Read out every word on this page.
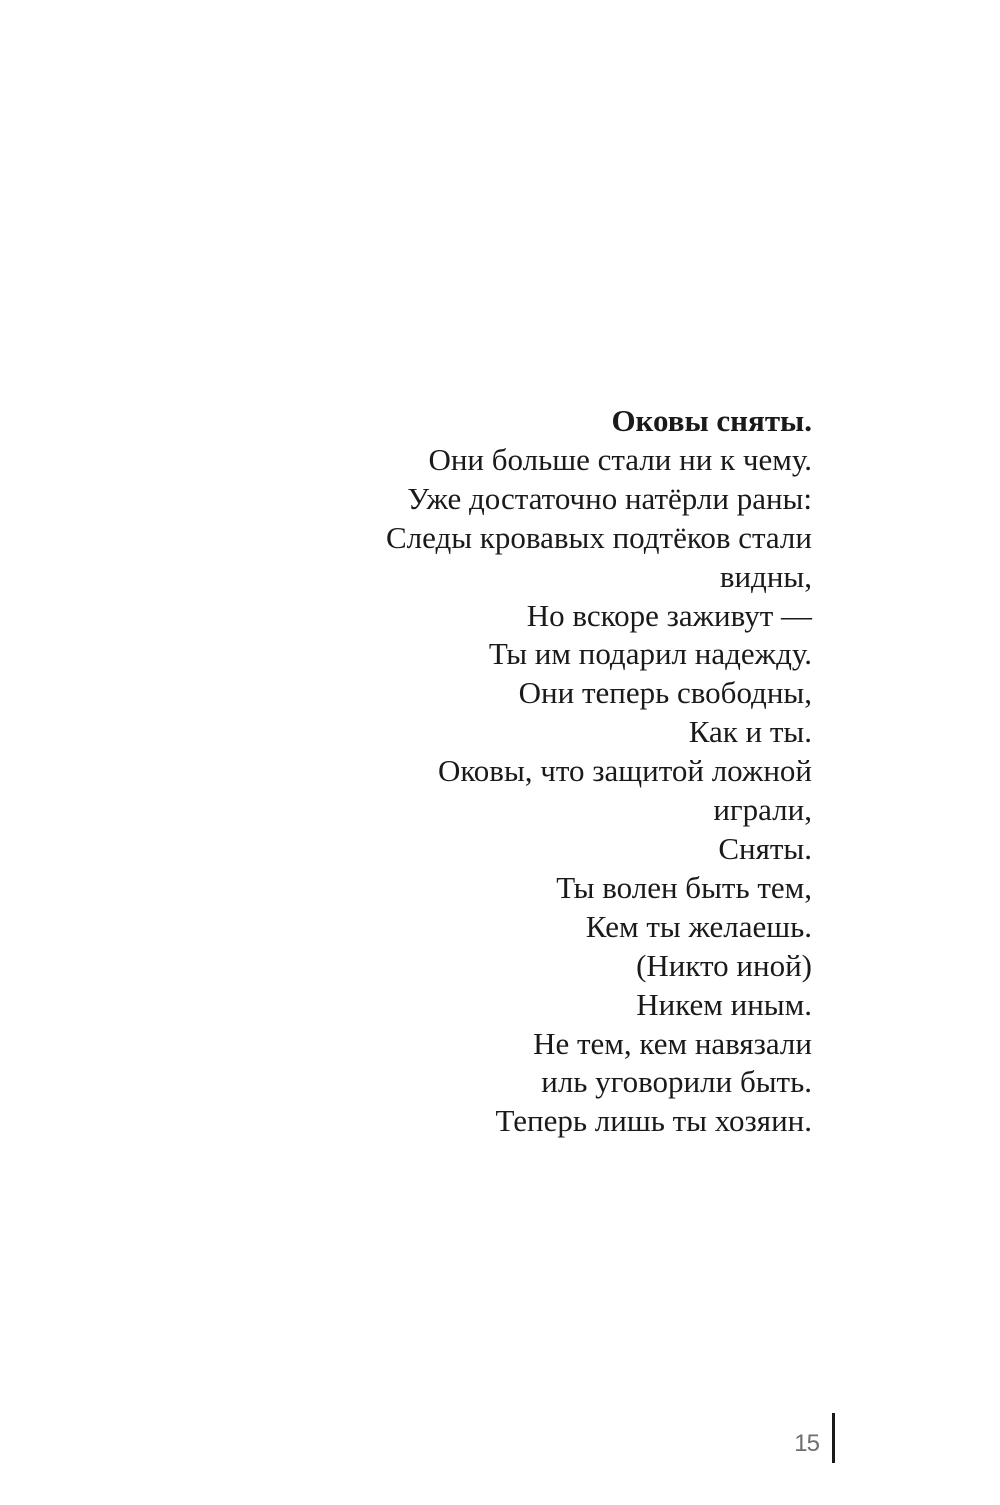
Оковы сняты.

Они больше стали ни к чему.

Уже достаточно натёрли раны:

Следы кровавых подтёков стали

видны,

Но вскоре заживут —

Ты им подарил надежду.

Они теперь свободны,

Как и ты.

Оковы, что защитой ложной

играли,

Сняты.

Ты волен быть тем,

Кем ты желаешь.

(Никто иной)

Никем иным.

Не тем, кем навязали

иль уговорили быть.

Теперь лишь ты хозяин.

15
